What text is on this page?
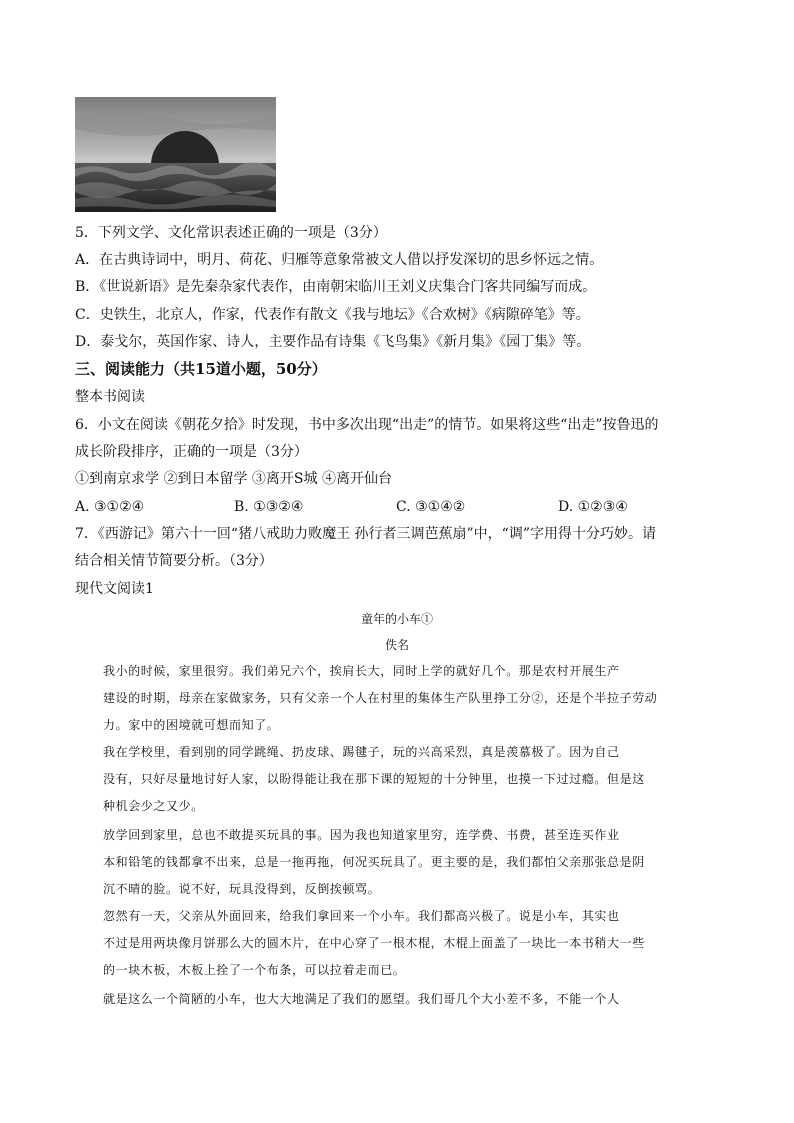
5．下列文学、文化常识表述正确的一项是（3分）
A．在古典诗词中，明月、荷花、归雁等意象常被文人借以抒发深切的思乡怀远之情。
B．《世说新语》是先秦杂家代表作，由南朝宋临川王刘义庆集合门客共同编写而成。
C．史铁生，北京人，作家，代表作有散文《我与地坛》《合欢树》《病隙碎笔》等。
D．泰戈尔，英国作家、诗人，主要作品有诗集《飞鸟集》《新月集》《园丁集》等。
三、阅读能力（共15道小题，50分）
整本书阅读
6．小文在阅读《朝花夕拾》时发现，书中多次出现“出走”的情节。如果将这些“出走”按鲁迅的
成长阶段排序，正确的一项是（3分）
①到南京求学 ②到日本留学 ③离开S城 ④离开仙台
A. ③①②④	B. ①③②④	C. ③①④②	D. ①②③④
7．《西游记》第六十一回“猪八戒助力败魔王 孙行者三调芭蕉扇”中，“调”字用得十分巧妙。请
结合相关情节简要分析。（3分）
现代文阅读1
童年的小车①
佚名
我小的时候，家里很穷。我们弟兄六个，挨肩长大，同时上学的就好几个。那是农村开展生产
建设的时期，母亲在家做家务，只有父亲一个人在村里的集体生产队里挣工分②，还是个半拉子劳动
力。家中的困境就可想而知了。
我在学校里，看到别的同学跳绳、扔皮球、踢毽子，玩的兴高采烈，真是羡慕极了。因为自己
没有，只好尽量地讨好人家，以盼得能让我在那下课的短短的十分钟里，也摸一下过过瘾。但是这
种机会少之又少。
放学回到家里，总也不敢提买玩具的事。因为我也知道家里穷，连学费、书费，甚至连买作业
本和铅笔的钱都拿不出来，总是一拖再拖，何况买玩具了。更主要的是，我们都怕父亲那张总是阴
沉不晴的脸。说不好，玩具没得到，反倒挨顿骂。
忽然有一天，父亲从外面回来，给我们拿回来一个小车。我们都高兴极了。说是小车，其实也
不过是用两块像月饼那么大的圆木片，在中心穿了一根木棍，木棍上面盖了一块比一本书稍大一些
的一块木板，木板上拴了一个布条，可以拉着走而已。
就是这么一个简陋的小车，也大大地满足了我们的愿望。我们哥几个大小差不多，不能一个人
